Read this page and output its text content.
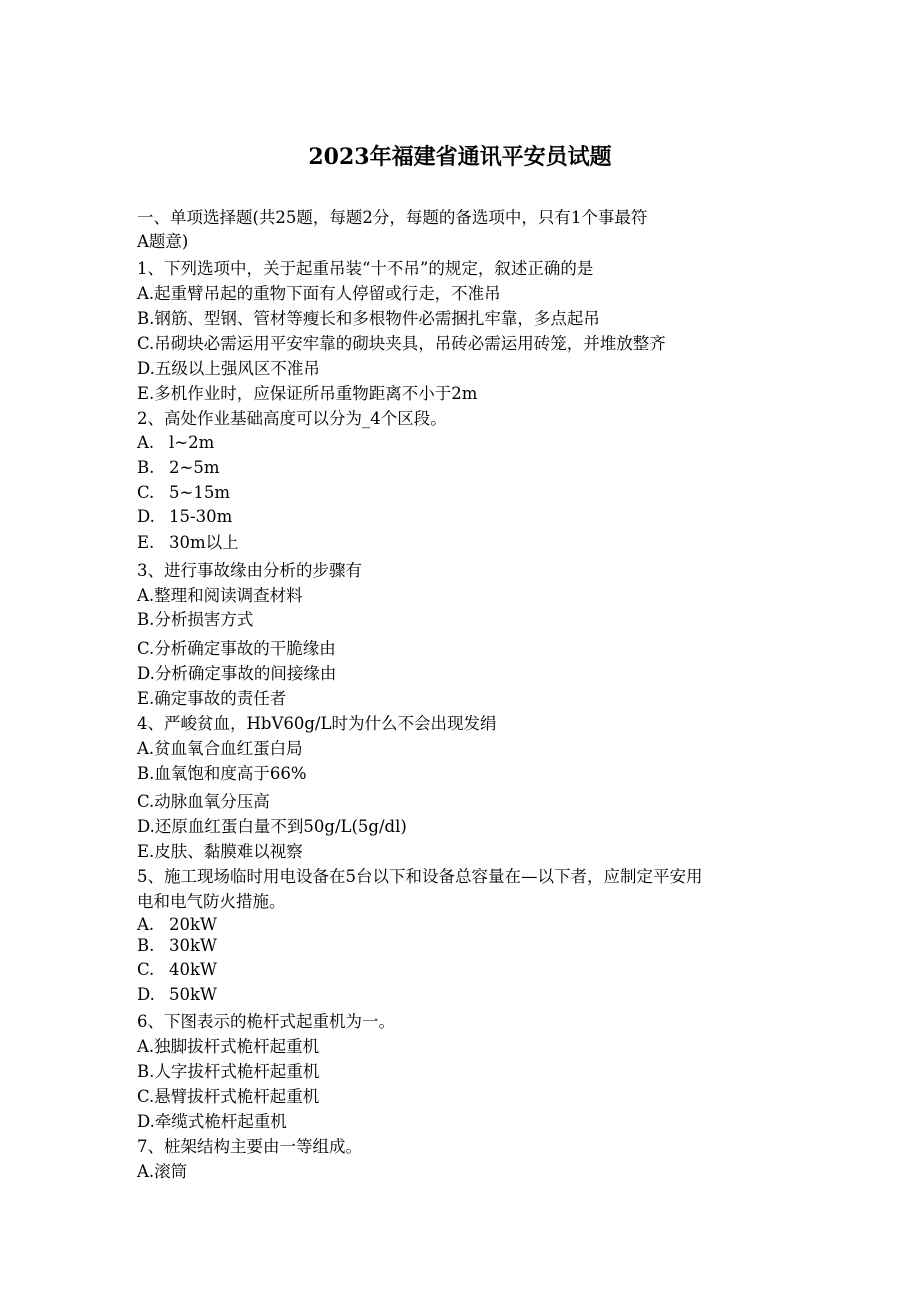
2023年福建省通讯平安员试题
一、单项选择题(共25题，每题2分，每题的备选项中，只有1个事最符
A题意)
1、下列选项中，关于起重吊装“十不吊”的规定，叙述正确的是
A.起重臂吊起的重物下面有人停留或行走，不准吊
B.钢筋、型钢、管材等瘦长和多根物件必需捆扎牢靠，多点起吊
C.吊砌块必需运用平安牢靠的砌块夹具，吊砖必需运用砖笼，并堆放整齐
D.五级以上强风区不准吊
E.多机作业时，应保证所吊重物距离不小于2m
2、高处作业基础高度可以分为_4个区段。
A. l~2m
B. 2~5m
C. 5~15m
D. 15-30m
E. 30m以上
3、进行事故缘由分析的步骤有
A.整理和阅读调查材料
B.分析损害方式
C.分析确定事故的干脆缘由
D.分析确定事故的间接缘由
E.确定事故的责任者
4、严峻贫血，HbV60g/L时为什么不会出现发绢
A.贫血氧合血红蛋白局
B.血氧饱和度高于66%
C.动脉血氧分压高
D.还原血红蛋白量不到50g/L(5g/dl)
E.皮肤、黏膜难以视察
5、施工现场临时用电设备在5台以下和设备总容量在—以下者，应制定平安用
电和电气防火措施。
A. 20kW
B. 30kW
C. 40kW
D. 50kW
6、下图表示的桅杆式起重机为一。
A.独脚拔杆式桅杆起重机
B.人字拔杆式桅杆起重机
C.悬臂拔杆式桅杆起重机
D.牵缆式桅杆起重机
7、桩架结构主要由一等组成。
A.滚筒
